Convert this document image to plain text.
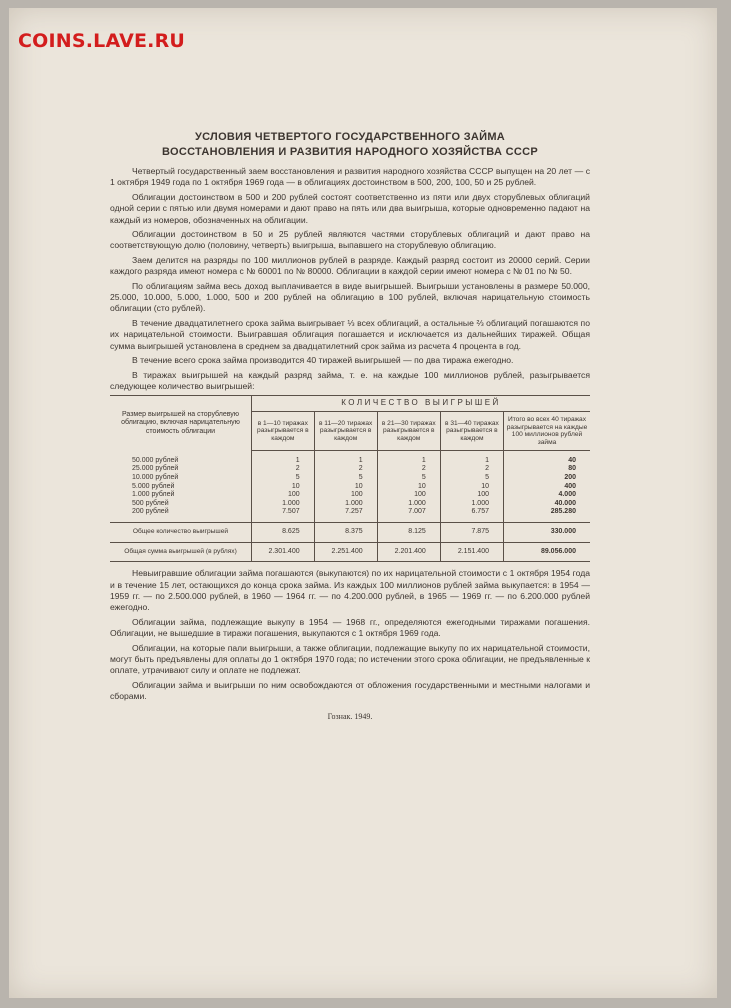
COINS.LAVE.RU
УСЛОВИЯ ЧЕТВЕРТОГО ГОСУДАРСТВЕННОГО ЗАЙМА
ВОССТАНОВЛЕНИЯ И РАЗВИТИЯ НАРОДНОГО ХОЗЯЙСТВА СССР

Четвертый государственный заем восстановления и развития народного хозяйства СССР выпущен на 20 лет — с 1 октября 1949 года по 1 октября 1969 года — в облигациях достоинством в 500, 200, 100, 50 и 25 рублей.

Облигации достоинством в 500 и 200 рублей состоят соответственно из пяти или двух сторублевых облигаций одной серии с пятью или двумя номерами и дают право на пять или два выигрыша, которые одновременно падают на каждый из номеров, обозначенных на облигации.

Облигации достоинством в 50 и 25 рублей являются частями сторублевых облигаций и дают право на соответствующую долю (половину, четверть) выигрыша, выпавшего на сторублевую облигацию.

Заем делится на разряды по 100 миллионов рублей в разряде. Каждый разряд состоит из 20000 серий. Серии каждого разряда имеют номера с № 60001 по № 80000. Облигации в каждой серии имеют номера с № 01 по № 50.

По облигациям займа весь доход выплачивается в виде выигрышей. Выигрыши установлены в размере 50.000, 25.000, 10.000, 5.000, 1.000, 500 и 200 рублей на облигацию в 100 рублей, включая нарицательную стоимость облигации (сто рублей).

В течение двадцатилетнего срока займа выигрывает ⅓ всех облигаций, а остальные ⅔ облигаций погашаются по их нарицательной стоимости. Выигравшая облигация погашается и исключается из дальнейших тиражей. Общая сумма выигрышей установлена в среднем за двадцатилетний срок займа из расчета 4 процента в год.

В течение всего срока займа производится 40 тиражей выигрышей — по два тиража ежегодно.

В тиражах выигрышей на каждый разряд займа, т. е. на каждые 100 миллионов рублей, разыгрывается следующее количество выигрышей:

Размер выигрышей на сторублевую облигацию, включая нарицательную стоимость облигации	КОЛИЧЕСТВО ВЫИГРЫШЕЙ				
	в 1—10 тиражах разыгрывается в каждом	в 11—20 тиражах разыгрывается в каждом	в 21—30 тиражах разыгрывается в каждом	в 31—40 тиражах разыгрывается в каждом	Итого во всех 40 тиражах разыгрывается на каждые 100 миллионов рублей займа

50.000 рублей	1	1	1	1	40
25.000 рублей	2	2	2	2	80
10.000 рублей	5	5	5	5	200
5.000 рублей	10	10	10	10	400
1.000 рублей	100	100	100	100	4.000
500 рублей	1.000	1.000	1.000	1.000	40.000
200 рублей	7.507	7.257	7.007	6.757	285.280

Общее количество выигрышей	8.625	8.375	8.125	7.875	330.000
Общая сумма выигрышей (в рублях)	2.301.400	2.251.400	2.201.400	2.151.400	89.056.000

Невыигравшие облигации займа погашаются (выкупаются) по их нарицательной стоимости с 1 октября 1954 года и в течение 15 лет, остающихся до конца срока займа. Из каждых 100 миллионов рублей займа выкупается: в 1954 — 1959 гг. — по 2.500.000 рублей, в 1960 — 1964 гг. — по 4.200.000 рублей, в 1965 — 1969 гг. — по 6.200.000 рублей ежегодно.

Облигации займа, подлежащие выкупу в 1954 — 1968 гг., определяются ежегодными тиражами погашения. Облигации, не вышедшие в тиражи погашения, выкупаются с 1 октября 1969 года.

Облигации, на которые пали выигрыши, а также облигации, подлежащие выкупу по их нарицательной стоимости, могут быть предъявлены для оплаты до 1 октября 1970 года; по истечении этого срока облигации, не предъявленные к оплате, утрачивают силу и оплате не подлежат.

Облигации займа и выигрыши по ним освобождаются от обложения государственными и местными налогами и сборами.

Гознак. 1949.
